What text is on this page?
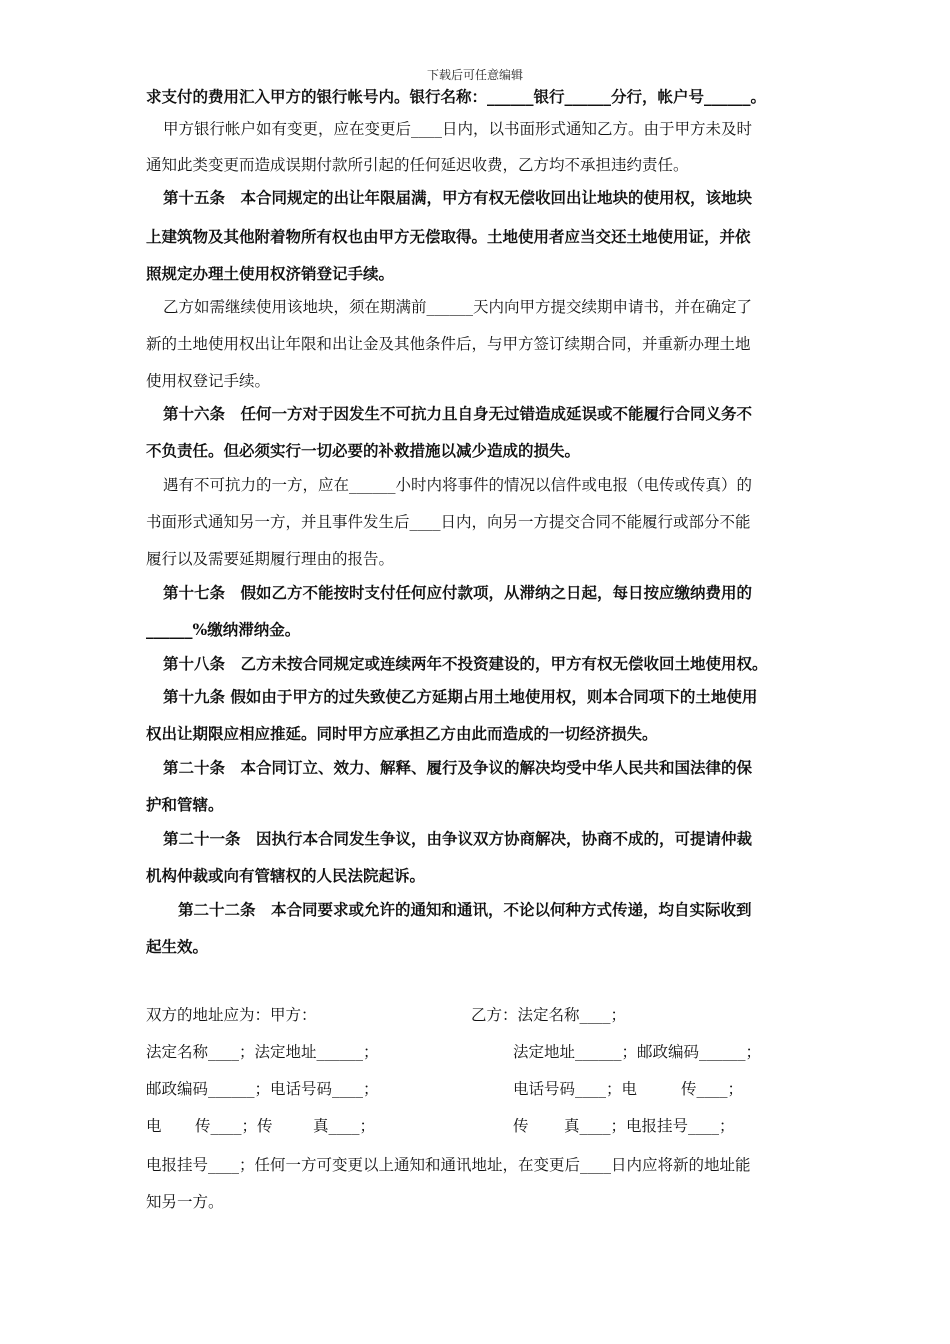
下载后可任意编辑
求支付的费用汇入甲方的银行帐号内。银行名称：______银行______分行，帐户号______。
甲方银行帐户如有变更，应在变更后____日内，以书面形式通知乙方。由于甲方未及时
通知此类变更而造成误期付款所引起的任何延迟收费，乙方均不承担违约责任。
第十五条　本合同规定的出让年限届满，甲方有权无偿收回出让地块的使用权，该地块
上建筑物及其他附着物所有权也由甲方无偿取得。土地使用者应当交还土地使用证，并依
照规定办理土使用权济销登记手续。
乙方如需继续使用该地块，须在期满前______天内向甲方提交续期申请书，并在确定了
新的土地使用权出让年限和出让金及其他条件后，与甲方签订续期合同，并重新办理土地
使用权登记手续。
第十六条　任何一方对于因发生不可抗力且自身无过错造成延误或不能履行合同义务不
不负责任。但必须实行一切必要的补救措施以减少造成的损失。
遇有不可抗力的一方，应在______小时内将事件的情况以信件或电报（电传或传真）的
书面形式通知另一方，并且事件发生后____日内，向另一方提交合同不能履行或部分不能
履行以及需要延期履行理由的报告。
第十七条　假如乙方不能按时支付任何应付款项，从滞纳之日起，每日按应缴纳费用的
______%缴纳滞纳金。
第十八条　乙方未按合同规定或连续两年不投资建设的，甲方有权无偿收回土地使用权。
第十九条 假如由于甲方的过失致使乙方延期占用土地使用权，则本合同项下的土地使用
权出让期限应相应推延。同时甲方应承担乙方由此而造成的一切经济损失。
第二十条　本合同订立、效力、解释、履行及争议的解决均受中华人民共和国法律的保
护和管辖。
第二十一条　因执行本合同发生争议，由争议双方协商解决，协商不成的，可提请仲裁
机构仲裁或向有管辖权的人民法院起诉。
第二十二条　本合同要求或允许的通知和通讯，不论以何种方式传递，均自实际收到
起生效。
双方的地址应为：甲方：	乙方：法定名称____；
法定名称____；法定地址______；	法定地址______；邮政编码______；
邮政编码______；电话号码____；	电话号码____；电	传____；
电 传____；传	真____；	传 真____；电报挂号____；
电报挂号____；任何一方可变更以上通知和通讯地址，在变更后____日内应将新的地址能
知另一方。
